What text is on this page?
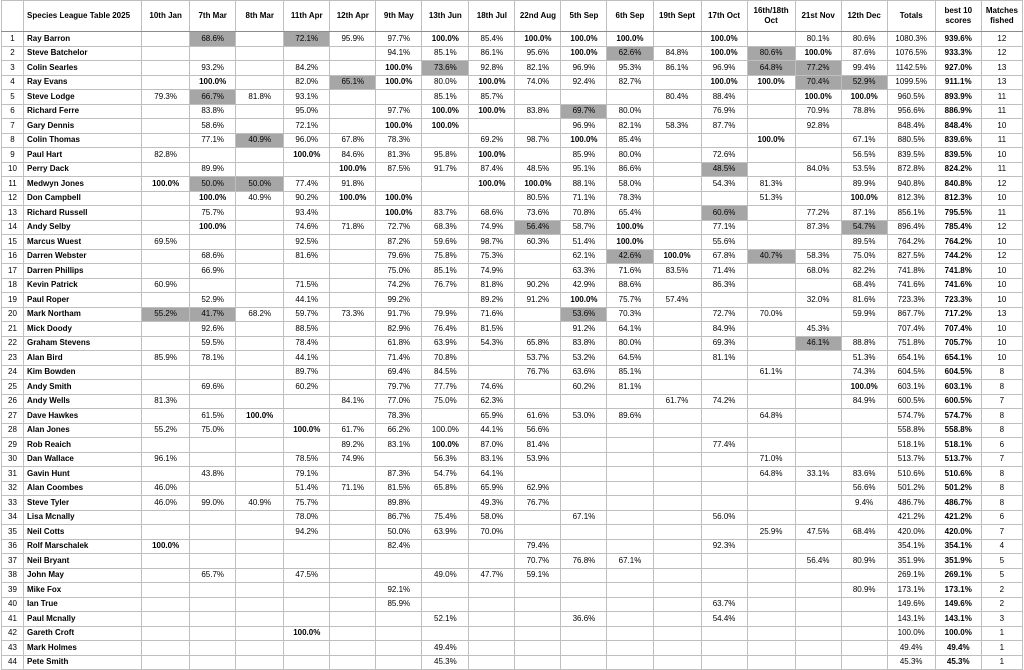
	Species League Table 2025	10th Jan	7th Mar	8th Mar	11th Apr	12th Apr	9th May	13th Jun	18th Jul	22nd Aug	5th Sep	6th Sep	19th Sept	17th Oct	16th/18th Oct	21st Nov	12th Dec	Totals	best 10 scores	Matches fished
1	Ray Barron		68.6%		72.1%	95.9%	97.7%	100.0%	85.4%	100.0%	100.0%	100.0%		100.0%		80.1%	80.6%	1080.3%	939.6%	12
2	Steve Batchelor						94.1%	85.1%	86.1%	95.6%	100.0%	62.6%	84.8%	100.0%	80.6%	100.0%	87.6%	1076.5%	933.3%	12
3	Colin Searles		93.2%		84.2%		100.0%	73.6%	92.8%	82.1%	96.9%	95.3%	86.1%	96.9%	64.8%	77.2%	99.4%	1142.5%	927.0%	13
4	Ray Evans		100.0%		82.0%	65.1%	100.0%	80.0%	100.0%	74.0%	92.4%	82.7%		100.0%	100.0%	70.4%	52.9%	1099.5%	911.1%	13
5	Steve Lodge	79.3%	66.7%	81.8%	93.1%			85.1%	85.7%				80.4%	88.4%		100.0%	100.0%	960.5%	893.9%	11
6	Richard Ferre		83.8%		95.0%		97.7%	100.0%	100.0%	83.8%	69.7%	80.0%		76.9%		70.9%	78.8%	956.6%	886.9%	11
7	Gary Dennis		58.6%		72.1%		100.0%	100.0%			96.9%	82.1%	58.3%	87.7%		92.8%		848.4%	848.4%	10
8	Colin Thomas		77.1%	40.9%	96.0%	67.8%	78.3%		69.2%	98.7%	100.0%	85.4%			100.0%		67.1%	880.5%	839.6%	11
9	Paul Hart	82.8%			100.0%	84.6%	81.3%	95.8%	100.0%		85.9%	80.0%		72.6%			56.5%	839.5%	839.5%	10
10	Perry Dack		89.9%			100.0%	87.5%	91.7%	87.4%	48.5%	95.1%	86.6%		48.5%		84.0%	53.5%	872.8%	824.2%	11
11	Medwyn Jones	100.0%	50.0%	50.0%	77.4%	91.8%			100.0%	100.0%	88.1%	58.0%		54.3%	81.3%		89.9%	940.8%	840.8%	12
12	Don Campbell		100.0%	40.9%	90.2%	100.0%	100.0%			80.5%	71.1%	78.3%			51.3%		100.0%	812.3%	812.3%	10
13	Richard Russell		75.7%		93.4%		100.0%	83.7%	68.6%	73.6%	70.8%	65.4%		60.6%		77.2%	87.1%	856.1%	795.5%	11
14	Andy Selby		100.0%		74.6%	71.8%	72.7%	68.3%	74.9%	56.4%	58.7%	100.0%		77.1%		87.3%	54.7%	896.4%	785.4%	12
15	Marcus Wuest	69.5%			92.5%		87.2%	59.6%	98.7%	60.3%	51.4%	100.0%		55.6%			89.5%	764.2%	764.2%	10
16	Darren Webster		68.6%		81.6%		79.6%	75.8%	75.3%		62.1%	42.6%	100.0%	67.8%	40.7%	58.3%	75.0%	827.5%	744.2%	12
17	Darren Phillips		66.9%				75.0%	85.1%	74.9%		63.3%	71.6%	83.5%	71.4%		68.0%	82.2%	741.8%	741.8%	10
18	Kevin Patrick	60.9%			71.5%		74.2%	76.7%	81.8%	90.2%	42.9%	88.6%		86.3%			68.4%	741.6%	741.6%	10
19	Paul Roper		52.9%		44.1%		99.2%		89.2%	91.2%	100.0%	75.7%	57.4%			32.0%	81.6%	723.3%	723.3%	10
20	Mark Northam	55.2%	41.7%	68.2%	59.7%	73.3%	91.7%	79.9%	71.6%		53.6%	70.3%		72.7%	70.0%		59.9%	867.7%	717.2%	13
21	Mick Doody		92.6%		88.5%		82.9%	76.4%	81.5%		91.2%	64.1%		84.9%		45.3%		707.4%	707.4%	10
22	Graham Stevens		59.5%		78.4%		61.8%	63.9%	54.3%	65.8%	83.8%	80.0%		69.3%		46.1%	88.8%	751.8%	705.7%	10
23	Alan Bird	85.9%	78.1%		44.1%		71.4%	70.8%		53.7%	53.2%	64.5%		81.1%			51.3%	654.1%	654.1%	10
24	Kim Bowden				89.7%		69.4%	84.5%		76.7%	63.6%	85.1%			61.1%		74.3%	604.5%	604.5%	8
25	Andy Smith		69.6%		60.2%		79.7%	77.7%	74.6%		60.2%	81.1%					100.0%	603.1%	603.1%	8
26	Andy Wells	81.3%				84.1%	77.0%	75.0%	62.3%				61.7%	74.2%			84.9%	600.5%	600.5%	7
27	Dave Hawkes		61.5%	100.0%			78.3%		65.9%	61.6%	53.0%	89.6%			64.8%			574.7%	574.7%	8
28	Alan Jones	55.2%	75.0%		100.0%	61.7%	66.2%	100.0%	44.1%	56.6%								558.8%	558.8%	8
29	Rob Reaich					89.2%	83.1%	100.0%	87.0%	81.4%				77.4%				518.1%	518.1%	6
30	Dan Wallace	96.1%			78.5%	74.9%		56.3%	83.1%	53.9%					71.0%			513.7%	513.7%	7
31	Gavin Hunt		43.8%		79.1%		87.3%	54.7%	64.1%						64.8%	33.1%	83.6%	510.6%	510.6%	8
32	Alan Coombes	46.0%			51.4%	71.1%	81.5%	65.8%	65.9%	62.9%							56.6%	501.2%	501.2%	8
33	Steve Tyler	46.0%	99.0%	40.9%	75.7%		89.8%		49.3%	76.7%							9.4%	486.7%	486.7%	8
34	Lisa Mcnally				78.0%		86.7%	75.4%	58.0%		67.1%			56.0%				421.2%	421.2%	6
35	Neil Cotts				94.2%		50.0%	63.9%	70.0%						25.9%	47.5%	68.4%	420.0%	420.0%	7
36	Rolf Marschalek	100.0%					82.4%			79.4%				92.3%				354.1%	354.1%	4
37	Neil Bryant									70.7%	76.8%	67.1%				56.4%	80.9%	351.9%	351.9%	5
38	John May		65.7%		47.5%			49.0%	47.7%	59.1%								269.1%	269.1%	5
39	Mike Fox						92.1%										80.9%	173.1%	173.1%	2
40	Ian True						85.9%							63.7%				149.6%	149.6%	2
41	Paul Mcnally							52.1%			36.6%			54.4%				143.1%	143.1%	3
42	Gareth Croft				100.0%													100.0%	100.0%	1
43	Mark Holmes							49.4%										49.4%	49.4%	1
44	Pete Smith							45.3%										45.3%	45.3%	1
